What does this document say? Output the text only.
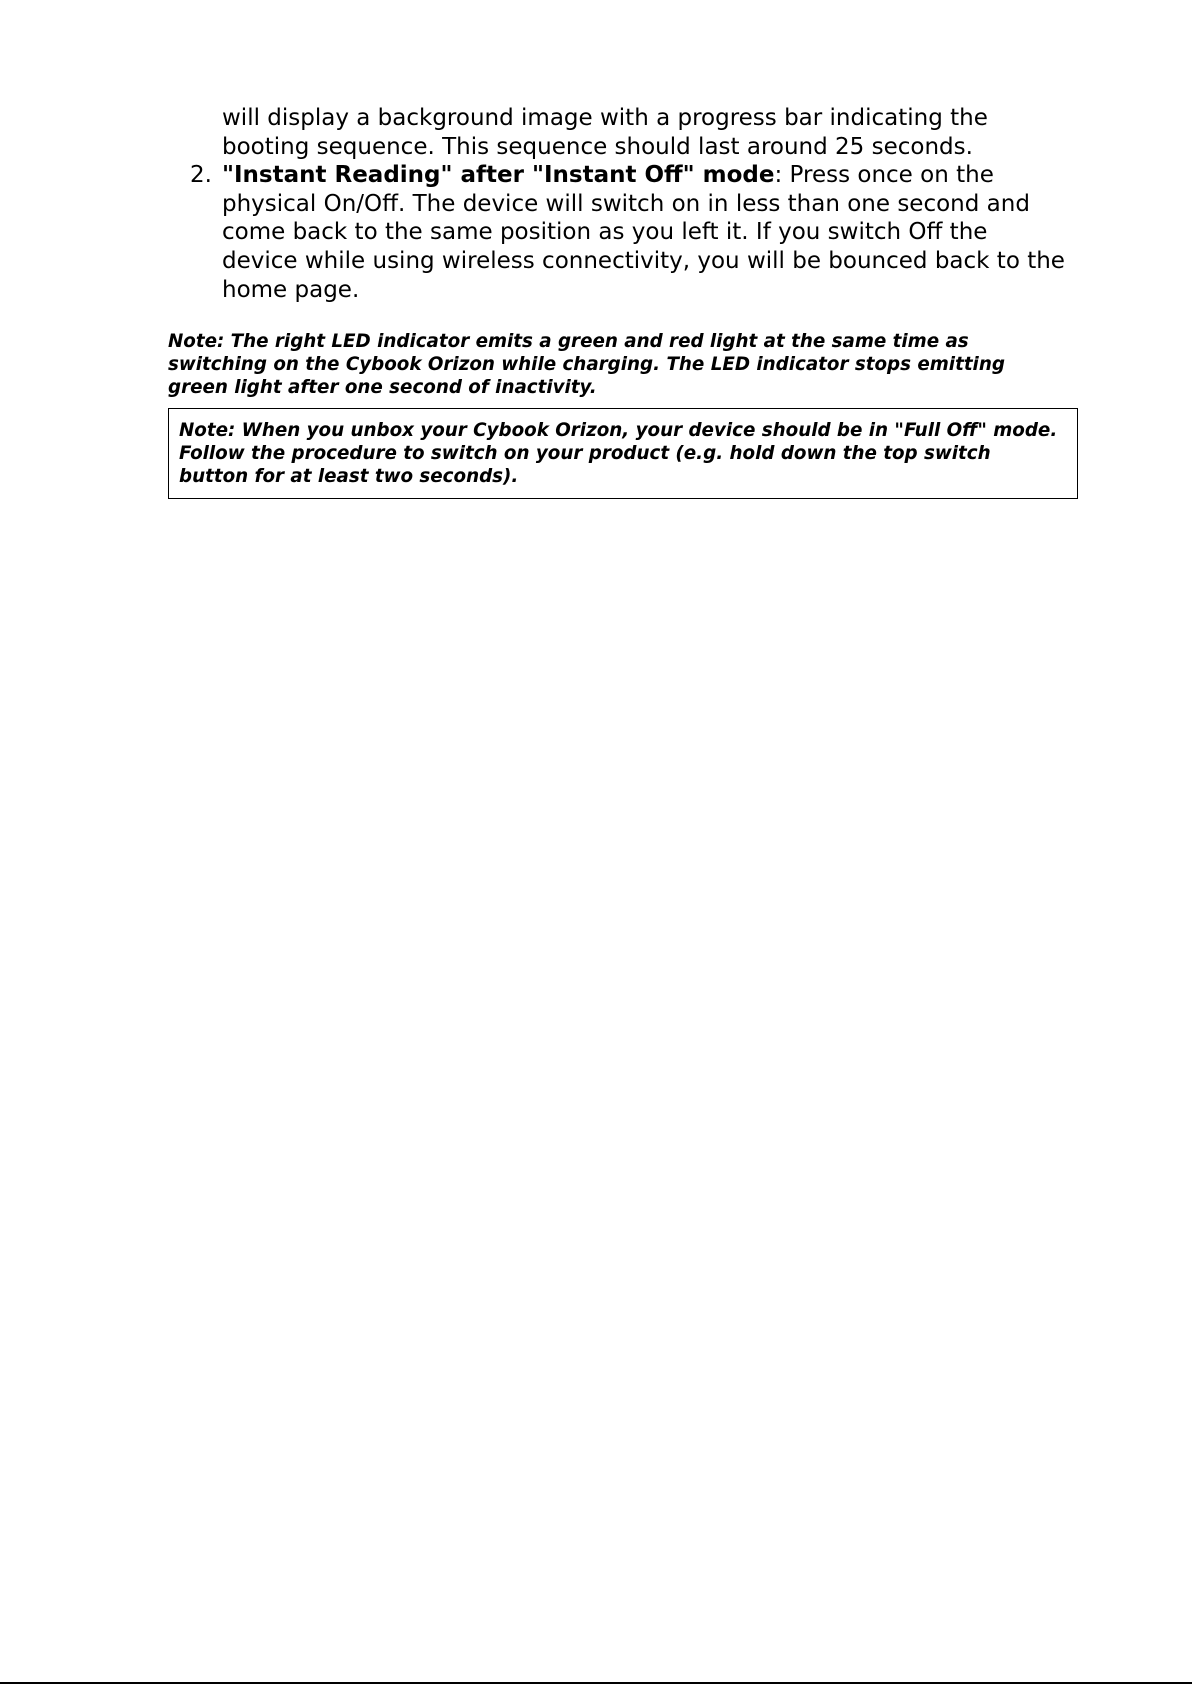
will display a background image with a progress bar indicating the booting sequence. This sequence should last around 25 seconds.
2. "Instant Reading" after "Instant Off" mode: Press once on the physical On/Off. The device will switch on in less than one second and come back to the same position as you left it. If you switch Off the device while using wireless connectivity, you will be bounced back to the home page.
Note: The right LED indicator emits a green and red light at the same time as switching on the Cybook Orizon while charging. The LED indicator stops emitting green light after one second of inactivity.
Note: When you unbox your Cybook Orizon, your device should be in "Full Off" mode. Follow the procedure to switch on your product (e.g. hold down the top switch button for at least two seconds).
